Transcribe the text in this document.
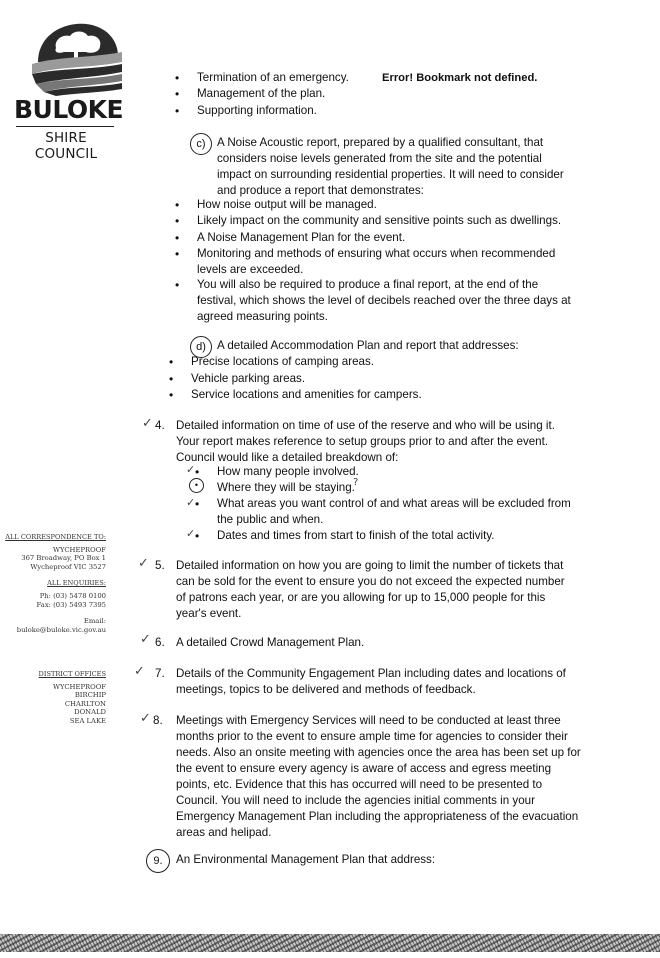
BULOKE
SHIRE COUNCIL
ALL CORRESPONDENCE TO:
WYCHEPROOF
367 Broadway, PO Box 1
Wycheproof VIC 3527
ALL ENQUIRIES:
Ph: (03) 5478 0100
Fax: (03) 5493 7395
Email: buloke@buloke.vic.gov.au
DISTRICT OFFICES
WYCHEPROOF
BIRCHIP
CHARLTON
DONALD
SEA LAKE
• Termination of an emergency.	Error! Bookmark not defined.
• Management of the plan.
• Supporting information.
c) A Noise Acoustic report, prepared by a qualified consultant, that
considers noise levels generated from the site and the potential
impact on surrounding residential properties. It will need to consider
and produce a report that demonstrates:
• How noise output will be managed.
• Likely impact on the community and sensitive points such as dwellings.
• A Noise Management Plan for the event.
• Monitoring and methods of ensuring what occurs when recommended
levels are exceeded.
• You will also be required to produce a final report, at the end of the
festival, which shows the level of decibels reached over the three days at
agreed measuring points.
d) A detailed Accommodation Plan and report that addresses:
• Precise locations of camping areas.
• Vehicle parking areas.
• Service locations and amenities for campers.
✓ 4. Detailed information on time of use of the reserve and who will be using it.
Your report makes reference to setup groups prior to and after the event.
Council would like a detailed breakdown of:
✓ • How many people involved.
•	Where they will be staying.
?
✓ • What areas you want control of and what areas will be excluded from
the public and when.
✓ • Dates and times from start to finish of the total activity.
✓ 5. Detailed information on how you are going to limit the number of tickets that
can be sold for the event to ensure you do not exceed the expected number
of patrons each year, or are you allowing for up to 15,000 people for this
year's event.
✓ 6. A detailed Crowd Management Plan.
✓ 7. Details of the Community Engagement Plan including dates and locations of
meetings, topics to be delivered and methods of feedback.
✓ 8. Meetings with Emergency Services will need to be conducted at least three
months prior to the event to ensure ample time for agencies to consider their
needs. Also an onsite meeting with agencies once the area has been set up for
the event to ensure every agency is aware of access and egress meeting
points, etc. Evidence that this has occurred will need to be presented to
Council. You will need to include the agencies initial comments in your
Emergency Management Plan including the appropriateness of the evacuation
areas and helipad.
9.	An Environmental Management Plan that address:
